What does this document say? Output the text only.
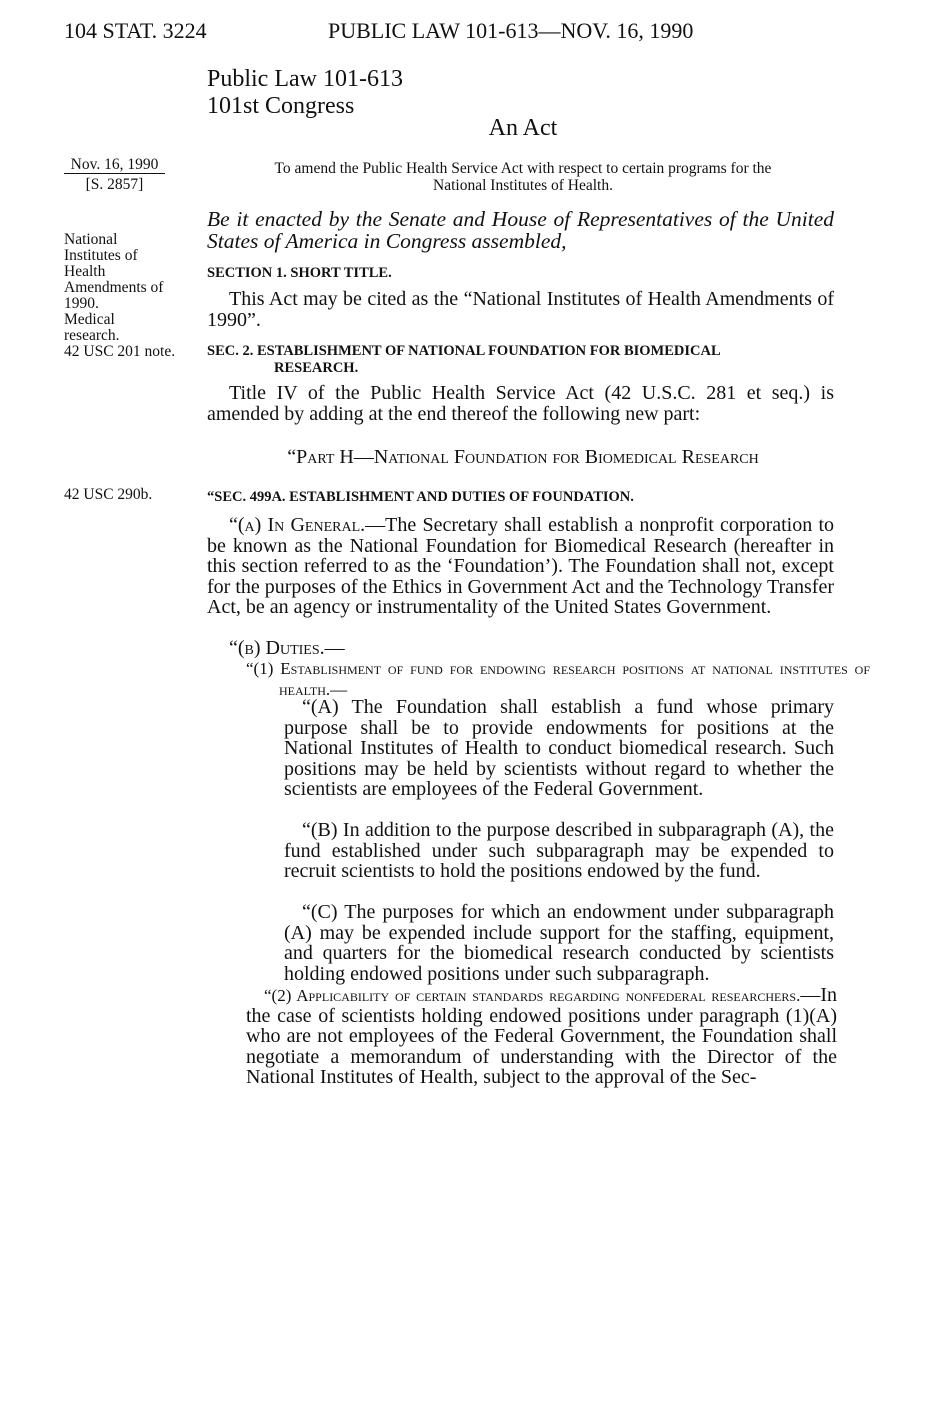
104 STAT. 3224	PUBLIC LAW 101-613—NOV. 16, 1990
Public Law 101-613
101st Congress
An Act
Nov. 16, 1990
[S. 2857]
National
Institutes of
Health
Amendments of
1990.
Medical
research.
42 USC 201 note.
42 USC 290b.
To amend the Public Health Service Act with respect to certain programs for the
National Institutes of Health.

Be it enacted by the Senate and House of Representatives of the United States of America in Congress assembled,

SECTION 1. SHORT TITLE.

This Act may be cited as the “National Institutes of Health Amendments of 1990”.

SEC. 2. ESTABLISHMENT OF NATIONAL FOUNDATION FOR BIOMEDICAL
RESEARCH.

Title IV of the Public Health Service Act (42 U.S.C. 281 et seq.) is amended by adding at the end thereof the following new part:

“Part H—National Foundation for Biomedical Research
“SEC. 499A. ESTABLISHMENT AND DUTIES OF FOUNDATION.

“(a) In General.—The Secretary shall establish a nonprofit corporation to be known as the National Foundation for Biomedical Research (hereafter in this section referred to as the ‘Foundation’). The Foundation shall not, except for the purposes of the Ethics in Government Act and the Technology Transfer Act, be an agency or instrumentality of the United States Government.

“(b) Duties.—

“(1) Establishment of fund for endowing research positions at national institutes of health.—

“(A) The Foundation shall establish a fund whose primary purpose shall be to provide endowments for positions at the National Institutes of Health to conduct biomedical research. Such positions may be held by scientists without regard to whether the scientists are employees of the Federal Government.

“(B) In addition to the purpose described in subparagraph (A), the fund established under such subparagraph may be expended to recruit scientists to hold the positions endowed by the fund.

“(C) The purposes for which an endowment under subparagraph (A) may be expended include support for the staffing, equipment, and quarters for the biomedical research conducted by scientists holding endowed positions under such subparagraph.

“(2) Applicability of certain standards regarding nonfederal researchers.—In the case of scientists holding endowed positions under paragraph (1)(A) who are not employees of the Federal Government, the Foundation shall negotiate a memorandum of understanding with the Director of the National Institutes of Health, subject to the approval of the Sec-
